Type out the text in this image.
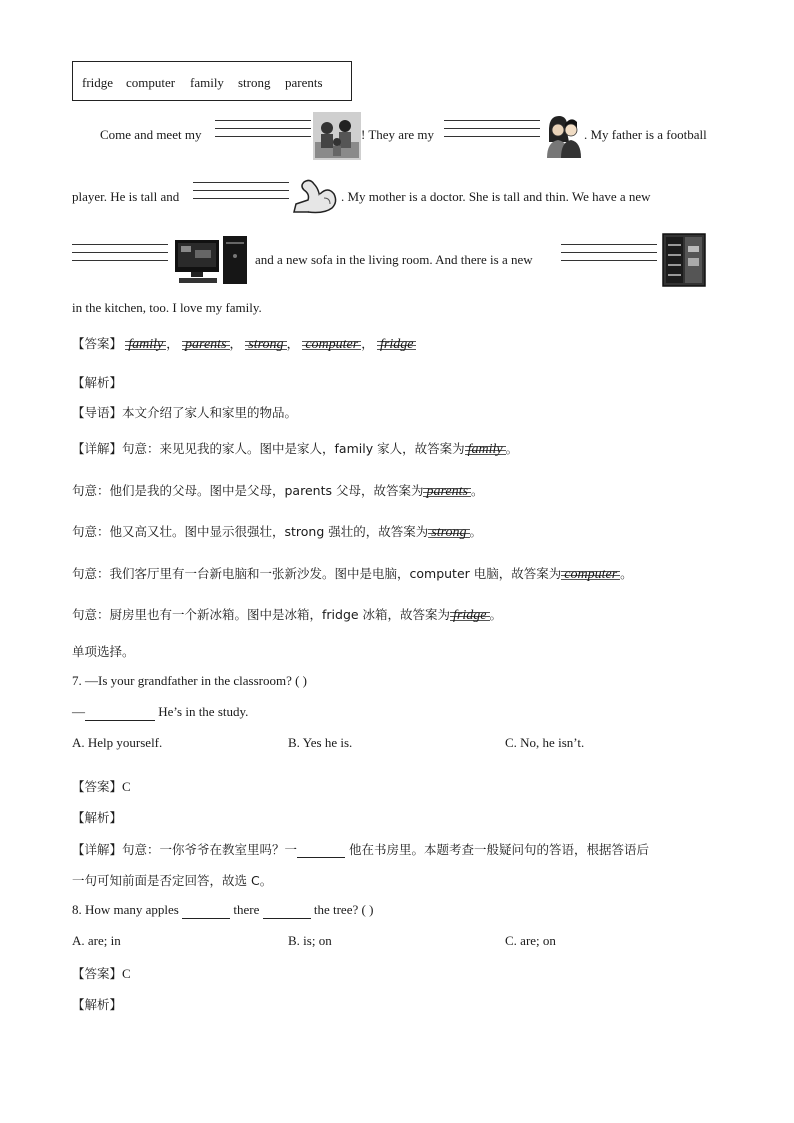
fridge computer family strong parents
Come and meet my	! They are my	. My father is a football
player. He is tall and	. My mother is a doctor. She is tall and thin. We have a new
and a new sofa in the living room. And there is a new
in the kitchen, too. I love my family.
【答案】 family ， parents ， strong ， computer ， fridge
【解析】
【导语】本文介绍了家人和家里的物品。
【详解】句意：来见见我的家人。图中是家人，family 家人，故答案为 family 。
句意：他们是我的父母。图中是父母，parents 父母，故答案为 parents 。
句意：他又高又壮。图中显示很强壮，strong 强壮的，故答案为 strong 。
句意：我们客厅里有一台新电脑和一张新沙发。图中是电脑，computer 电脑，故答案为 computer 。
句意：厨房里也有一个新冰箱。图中是冰箱，fridge 冰箱，故答案为 fridge 。
单项选择。
7. —Is your grandfather in the classroom? ( )
—	He’s in the study.
A. Help yourself.	B. Yes he is.	C. No, he isn’t.
【答案】C
【解析】
【详解】句意：一你爷爷在教室里吗？一	他在书房里。本题考查一般疑问句的答语，根据答语后
一句可知前面是否定回答，故选 C。
8. How many apples	there	the tree? ( )
A. are; in	B. is; on	C. are; on
【答案】C
【解析】
